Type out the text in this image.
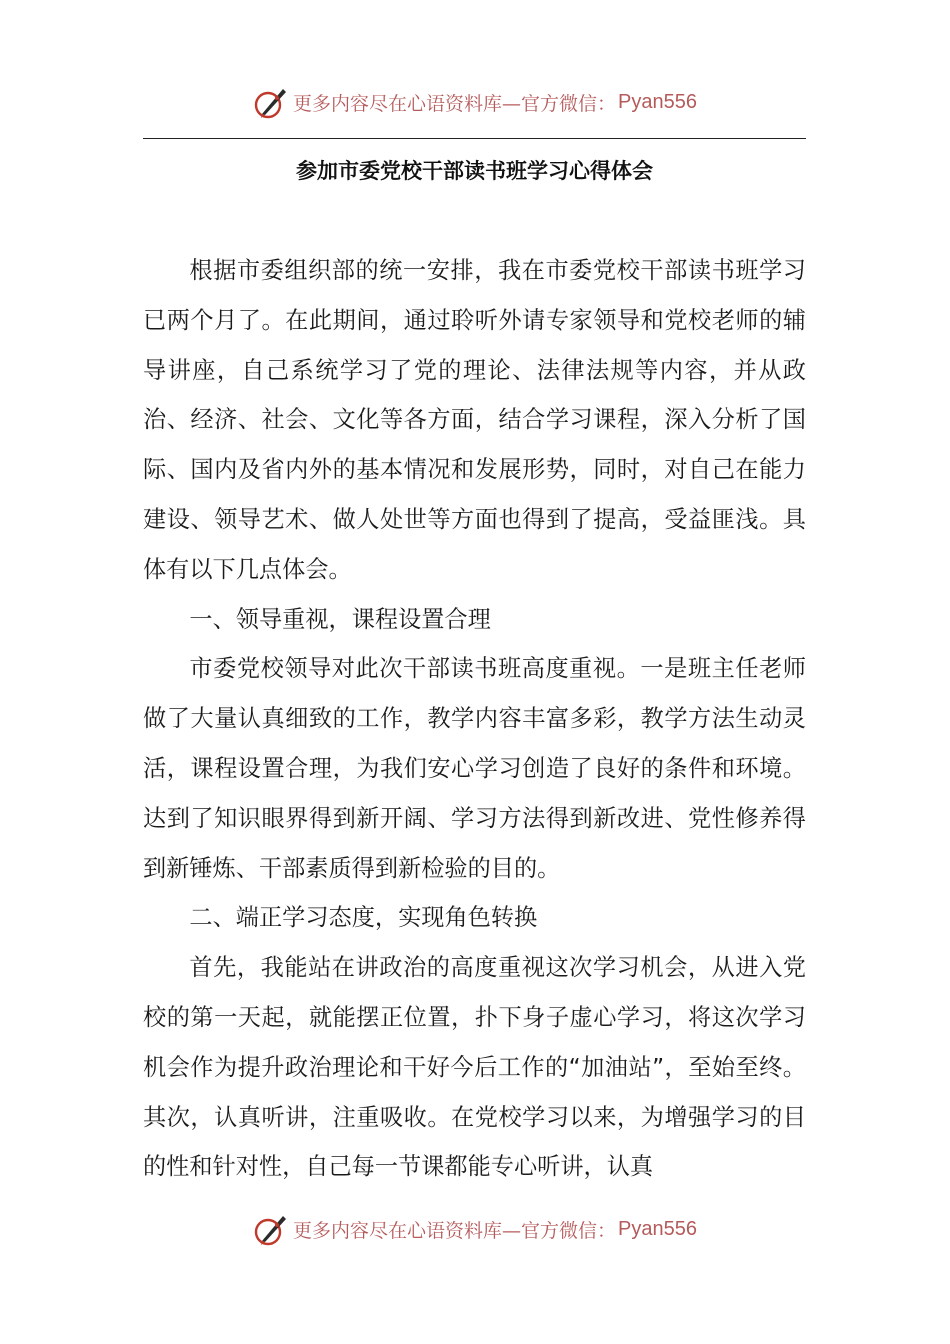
更多内容尽在心语资料库—官方微信： Pyan556
参加市委党校干部读书班学习心得体会

根据市委组织部的统一安排，我在市委党校干部读书班学习已两个月了。在此期间，通过聆听外请专家领导和党校老师的辅导讲座，自己系统学习了党的理论、法律法规等内容，并从政治、经济、社会、文化等各方面，结合学习课程，深入分析了国际、国内及省内外的基本情况和发展形势，同时，对自己在能力建设、领导艺术、做人处世等方面也得到了提高，受益匪浅。具体有以下几点体会。

一、领导重视，课程设置合理

市委党校领导对此次干部读书班高度重视。一是班主任老师做了大量认真细致的工作，教学内容丰富多彩，教学方法生动灵活，课程设置合理，为我们安心学习创造了良好的条件和环境。达到了知识眼界得到新开阔、学习方法得到新改进、党性修养得到新锤炼、干部素质得到新检验的目的。

二、端正学习态度，实现角色转换

首先，我能站在讲政治的高度重视这次学习机会，从进入党校的第一天起，就能摆正位置，扑下身子虚心学习，将这次学习机会作为提升政治理论和干好今后工作的“加油站”，至始至终。其次，认真听讲，注重吸收。在党校学习以来，为增强学习的目的性和针对性，自己每一节课都能专心听讲，认真

更多内容尽在心语资料库—官方微信： Pyan556
